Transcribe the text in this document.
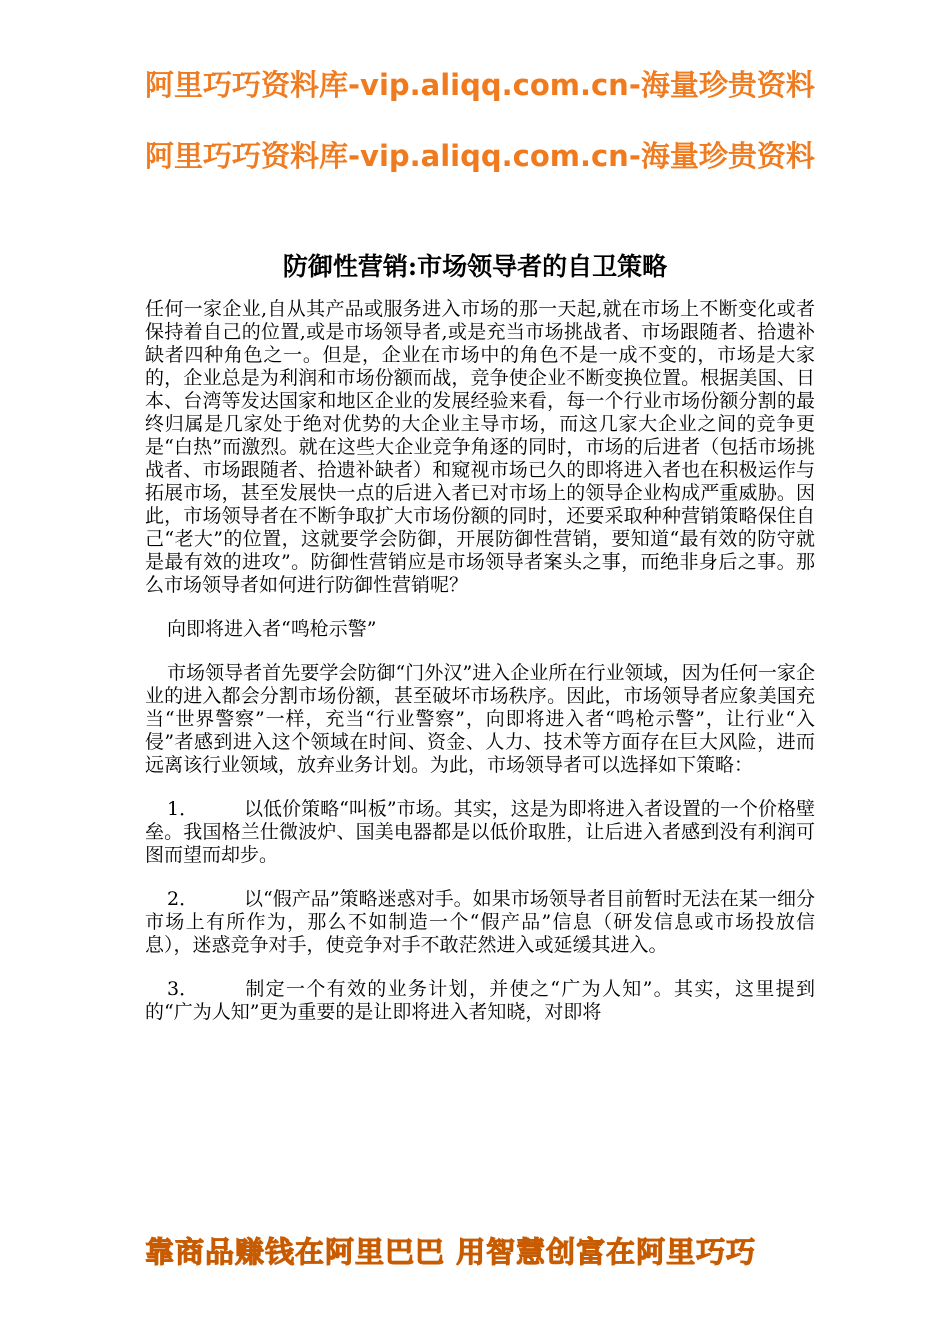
阿里巧巧资料库-vip.aliqq.com.cn-海量珍贵资料
阿里巧巧资料库-vip.aliqq.com.cn-海量珍贵资料
防御性营销:市场领导者的自卫策略

任何一家企业,自从其产品或服务进入市场的那一天起,就在市场上不断变化或者保持着自己的位置,或是市场领导者,或是充当市场挑战者、市场跟随者、拾遗补缺者四种角色之一。但是，企业在市场中的角色不是一成不变的，市场是大家的，企业总是为利润和市场份额而战，竞争使企业不断变换位置。根据美国、日本、台湾等发达国家和地区企业的发展经验来看，每一个行业市场份额分割的最终归属是几家处于绝对优势的大企业主导市场，而这几家大企业之间的竞争更是“白热”而激烈。就在这些大企业竞争角逐的同时，市场的后进者（包括市场挑战者、市场跟随者、拾遗补缺者）和窥视市场已久的即将进入者也在积极运作与拓展市场，甚至发展快一点的后进入者已对市场上的领导企业构成严重威胁。因此，市场领导者在不断争取扩大市场份额的同时，还要采取种种营销策略保住自己“老大”的位置，这就要学会防御，开展防御性营销，要知道“最有效的防守就是最有效的进攻”。防御性营销应是市场领导者案头之事，而绝非身后之事。那么市场领导者如何进行防御性营销呢？

向即将进入者“鸣枪示警”

市场领导者首先要学会防御“门外汉”进入企业所在行业领域，因为任何一家企业的进入都会分割市场份额，甚至破坏市场秩序。因此，市场领导者应象美国充当“世界警察”一样，充当“行业警察”，向即将进入者“鸣枪示警”，让行业“入侵”者感到进入这个领域在时间、资金、人力、技术等方面存在巨大风险，进而远离该行业领域，放弃业务计划。为此，市场领导者可以选择如下策略：

1． 以低价策略“叫板”市场。其实，这是为即将进入者设置的一个价格壁垒。我国格兰仕微波炉、国美电器都是以低价取胜，让后进入者感到没有利润可图而望而却步。

2． 以“假产品”策略迷惑对手。如果市场领导者目前暂时无法在某一细分市场上有所作为，那么不如制造一个“假产品”信息（研发信息或市场投放信息），迷惑竞争对手，使竞争对手不敢茫然进入或延缓其进入。

3． 制定一个有效的业务计划，并使之“广为人知”。其实，这里提到的“广为人知”更为重要的是让即将进入者知晓，对即将

靠商品赚钱在阿里巴巴 用智慧创富在阿里巧巧
